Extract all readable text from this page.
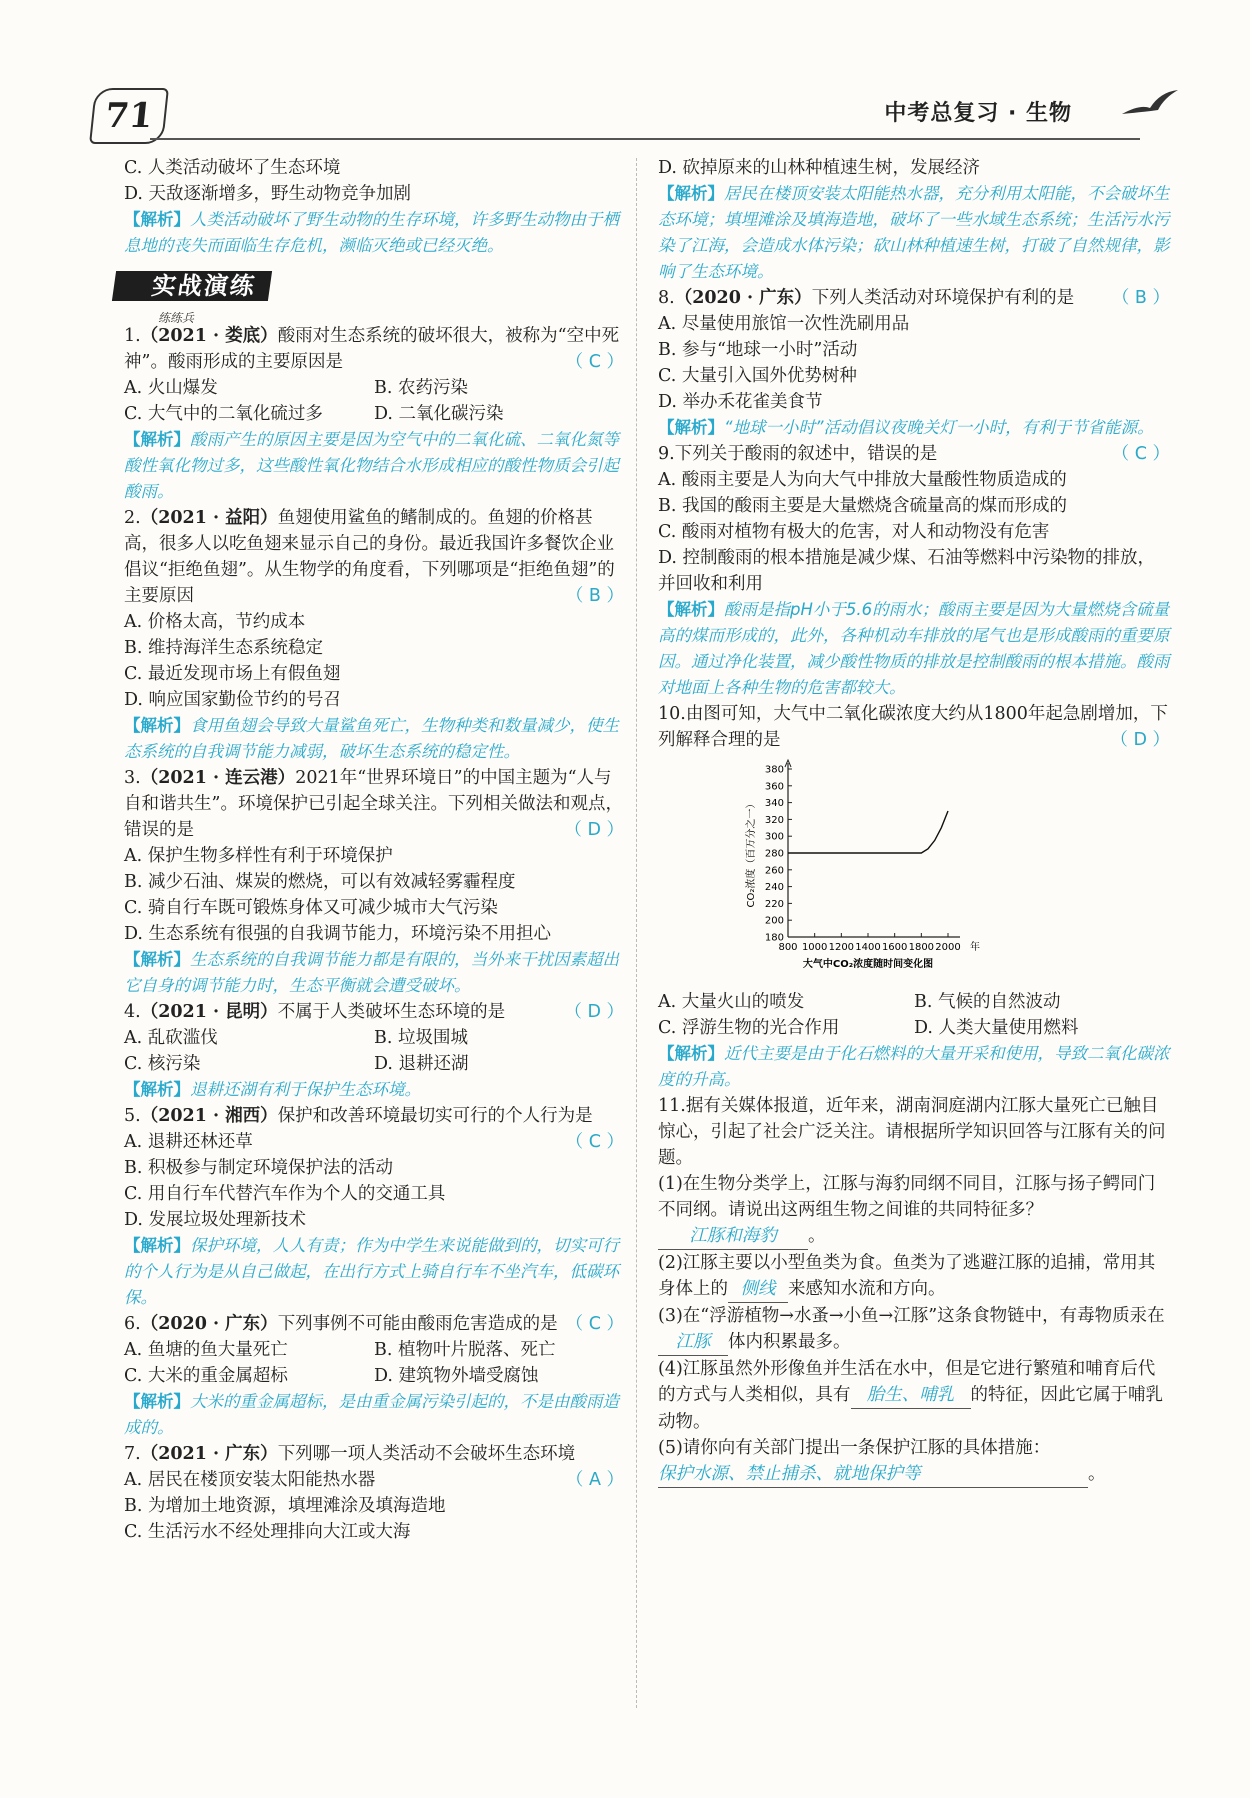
71	中考总复习 · 生物
C. 人类活动破坏了生态环境
D. 天敌逐渐增多，野生动物竞争加剧
【解析】人类活动破坏了野生动物的生存环境，许多野生动物由于栖息地的丧失而面临生存危机，濒临灭绝或已经灭绝。
实战演练
练练兵
1.（2021 · 娄底）酸雨对生态系统的破坏很大，被称为“空中死神”。酸雨形成的主要原因是	（ C ）
A. 火山爆发	B. 农药污染
C. 大气中的二氧化硫过多	D. 二氧化碳污染
【解析】酸雨产生的原因主要是因为空气中的二氧化硫、二氧化氮等酸性氧化物过多，这些酸性氧化物结合水形成相应的酸性物质会引起酸雨。
2.（2021 · 益阳）鱼翅使用鲨鱼的鳍制成的。鱼翅的价格甚高，很多人以吃鱼翅来显示自己的身份。最近我国许多餐饮企业倡议“拒绝鱼翅”。从生物学的角度看，下列哪项是“拒绝鱼翅”的主要原因	（ B ）
A. 价格太高，节约成本
B. 维持海洋生态系统稳定
C. 最近发现市场上有假鱼翅
D. 响应国家勤俭节约的号召
【解析】食用鱼翅会导致大量鲨鱼死亡，生物种类和数量减少，使生态系统的自我调节能力减弱，破坏生态系统的稳定性。
3.（2021 · 连云港）2021年“世界环境日”的中国主题为“人与自和谐共生”。环境保护已引起全球关注。下列相关做法和观点，错误的是	（ D ）
A. 保护生物多样性有利于环境保护
B. 减少石油、煤炭的燃烧，可以有效减轻雾霾程度
C. 骑自行车既可锻炼身体又可减少城市大气污染
D. 生态系统有很强的自我调节能力，环境污染不用担心
【解析】生态系统的自我调节能力都是有限的，当外来干扰因素超出它自身的调节能力时，生态平衡就会遭受破坏。
4.（2021 · 昆明）不属于人类破坏生态环境的是	（ D ）
A. 乱砍滥伐	B. 垃圾围城
C. 核污染	D. 退耕还湖
【解析】退耕还湖有利于保护生态环境。
5.（2021 · 湘西）保护和改善环境最切实可行的个人行为是
（ C ）
A. 退耕还林还草
B. 积极参与制定环境保护法的活动
C. 用自行车代替汽车作为个人的交通工具
D. 发展垃圾处理新技术
【解析】保护环境，人人有责；作为中学生来说能做到的，切实可行的个人行为是从自己做起，在出行方式上骑自行车不坐汽车，低碳环保。
6.（2020 · 广东）下列事例不可能由酸雨危害造成的是 （ C ）
A. 鱼塘的鱼大量死亡	B. 植物叶片脱落、死亡
C. 大米的重金属超标	D. 建筑物外墙受腐蚀
【解析】大米的重金属超标，是由重金属污染引起的，不是由酸雨造成的。
7.（2021 · 广东）下列哪一项人类活动不会破坏生态环境
（ A ）
A. 居民在楼顶安装太阳能热水器
B. 为增加土地资源，填埋滩涂及填海造地
C. 生活污水不经处理排向大江或大海
D. 砍掉原来的山林种植速生树，发展经济
【解析】居民在楼顶安装太阳能热水器，充分利用太阳能，不会破坏生态环境；填埋滩涂及填海造地，破坏了一些水域生态系统；生活污水污染了江海，会造成水体污染；砍山林种植速生树，打破了自然规律，影响了生态环境。
8.（2020 · 广东）下列人类活动对环境保护有利的是 （ B ）
A. 尽量使用旅馆一次性洗刷用品
B. 参与“地球一小时”活动
C. 大量引入国外优势树种
D. 举办禾花雀美食节
【解析】“地球一小时”活动倡议夜晚关灯一小时，有利于节省能源。
9.下列关于酸雨的叙述中，错误的是	（ C ）
A. 酸雨主要是人为向大气中排放大量酸性物质造成的
B. 我国的酸雨主要是大量燃烧含硫量高的煤而形成的
C. 酸雨对植物有极大的危害，对人和动物没有危害
D. 控制酸雨的根本措施是减少煤、石油等燃料中污染物的排放，并回收和利用
【解析】酸雨是指pH小于5.6的雨水；酸雨主要是因为大量燃烧含硫量高的煤而形成的，此外，各种机动车排放的尾气也是形成酸雨的重要原因。通过净化装置，减少酸性物质的排放是控制酸雨的根本措施。酸雨对地面上各种生物的危害都较大。
10.由图可知，大气中二氧化碳浓度大约从1800年起急剧增加，下列解释合理的是	（ D ）
180
200
220
240
260
280
300
320
340
360
380
800 1000 1200 1400 1600 1800 2000 年
CO₂浓度（百万分之一）
大气中CO₂浓度随时间变化图
A. 大量火山的喷发	B. 气候的自然波动
C. 浮游生物的光合作用	D. 人类大量使用燃料
【解析】近代主要是由于化石燃料的大量开采和使用，导致二氧化碳浓度的升高。
11.据有关媒体报道，近年来，湖南洞庭湖内江豚大量死亡已触目惊心，引起了社会广泛关注。请根据所学知识回答与江豚有关的问题。
(1)在生物分类学上，江豚与海豹同纲不同目，江豚与扬子鳄同门不同纲。请说出这两组生物之间谁的共同特征多？
江豚和海豹 。
(2)江豚主要以小型鱼类为食。鱼类为了逃避江豚的追捕，常用其身体上的 侧线 来感知水流和方向。
(3)在“浮游植物→水蚤→小鱼→江豚”这条食物链中，有毒物质汞在江豚 体内积累最多。
(4)江豚虽然外形像鱼并生活在水中，但是它进行繁殖和哺育后代的方式与人类相似，具有 胎生、哺乳 的特征，因此它属于哺乳动物。
(5)请你向有关部门提出一条保护江豚的具体措施：
保护水源、禁止捕杀、就地保护等	。
